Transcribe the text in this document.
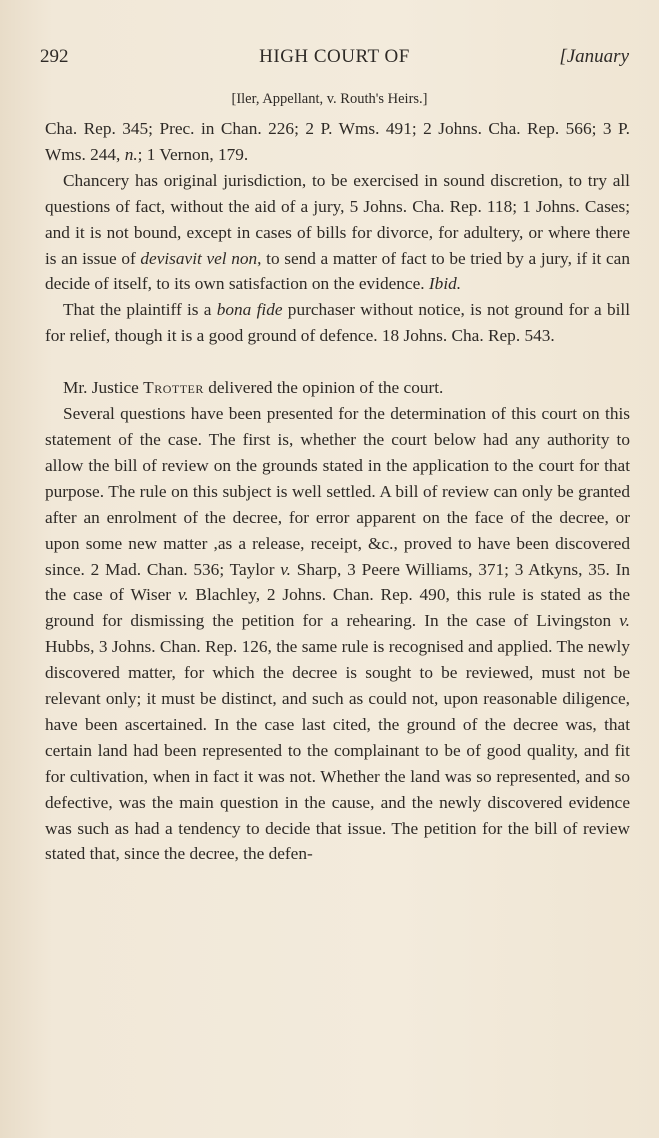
292	HIGH COURT OF	[January
[Iler, Appellant, v. Routh's Heirs.]

Cha. Rep. 345; Prec. in Chan. 226; 2 P. Wms. 491; 2 Johns. Cha. Rep. 566; 3 P. Wms. 244, n.; 1 Vernon, 179.

Chancery has original jurisdiction, to be exercised in sound discretion, to try all questions of fact, without the aid of a jury, 5 Johns. Cha. Rep. 118; 1 Johns. Cases; and it is not bound, except in cases of bills for divorce, for adultery, or where there is an issue of devisavit vel non, to send a matter of fact to be tried by a jury, if it can decide of itself, to its own satisfaction on the evidence. Ibid.

That the plaintiff is a bona fide purchaser without notice, is not ground for a bill for relief, though it is a good ground of defence. 18 Johns. Cha. Rep. 543.

Mr. Justice Trotter delivered the opinion of the court.

Several questions have been presented for the determination of this court on this statement of the case. The first is, whether the court below had any authority to allow the bill of review on the grounds stated in the application to the court for that purpose. The rule on this subject is well settled. A bill of review can only be granted after an enrolment of the decree, for error apparent on the face of the decree, or upon some new matter ,as a release, receipt, &c., proved to have been discovered since. 2 Mad. Chan. 536; Taylor v. Sharp, 3 Peere Williams, 371; 3 Atkyns, 35. In the case of Wiser v. Blachley, 2 Johns. Chan. Rep. 490, this rule is stated as the ground for dismissing the petition for a rehearing. In the case of Livingston v. Hubbs, 3 Johns. Chan. Rep. 126, the same rule is recognised and applied. The newly discovered matter, for which the decree is sought to be reviewed, must not be relevant only; it must be distinct, and such as could not, upon reasonable diligence, have been ascertained. In the case last cited, the ground of the decree was, that certain land had been represented to the complainant to be of good quality, and fit for cultivation, when in fact it was not. Whether the land was so represented, and so defective, was the main question in the cause, and the newly discovered evidence was such as had a tendency to decide that issue. The petition for the bill of review stated that, since the decree, the defen-
